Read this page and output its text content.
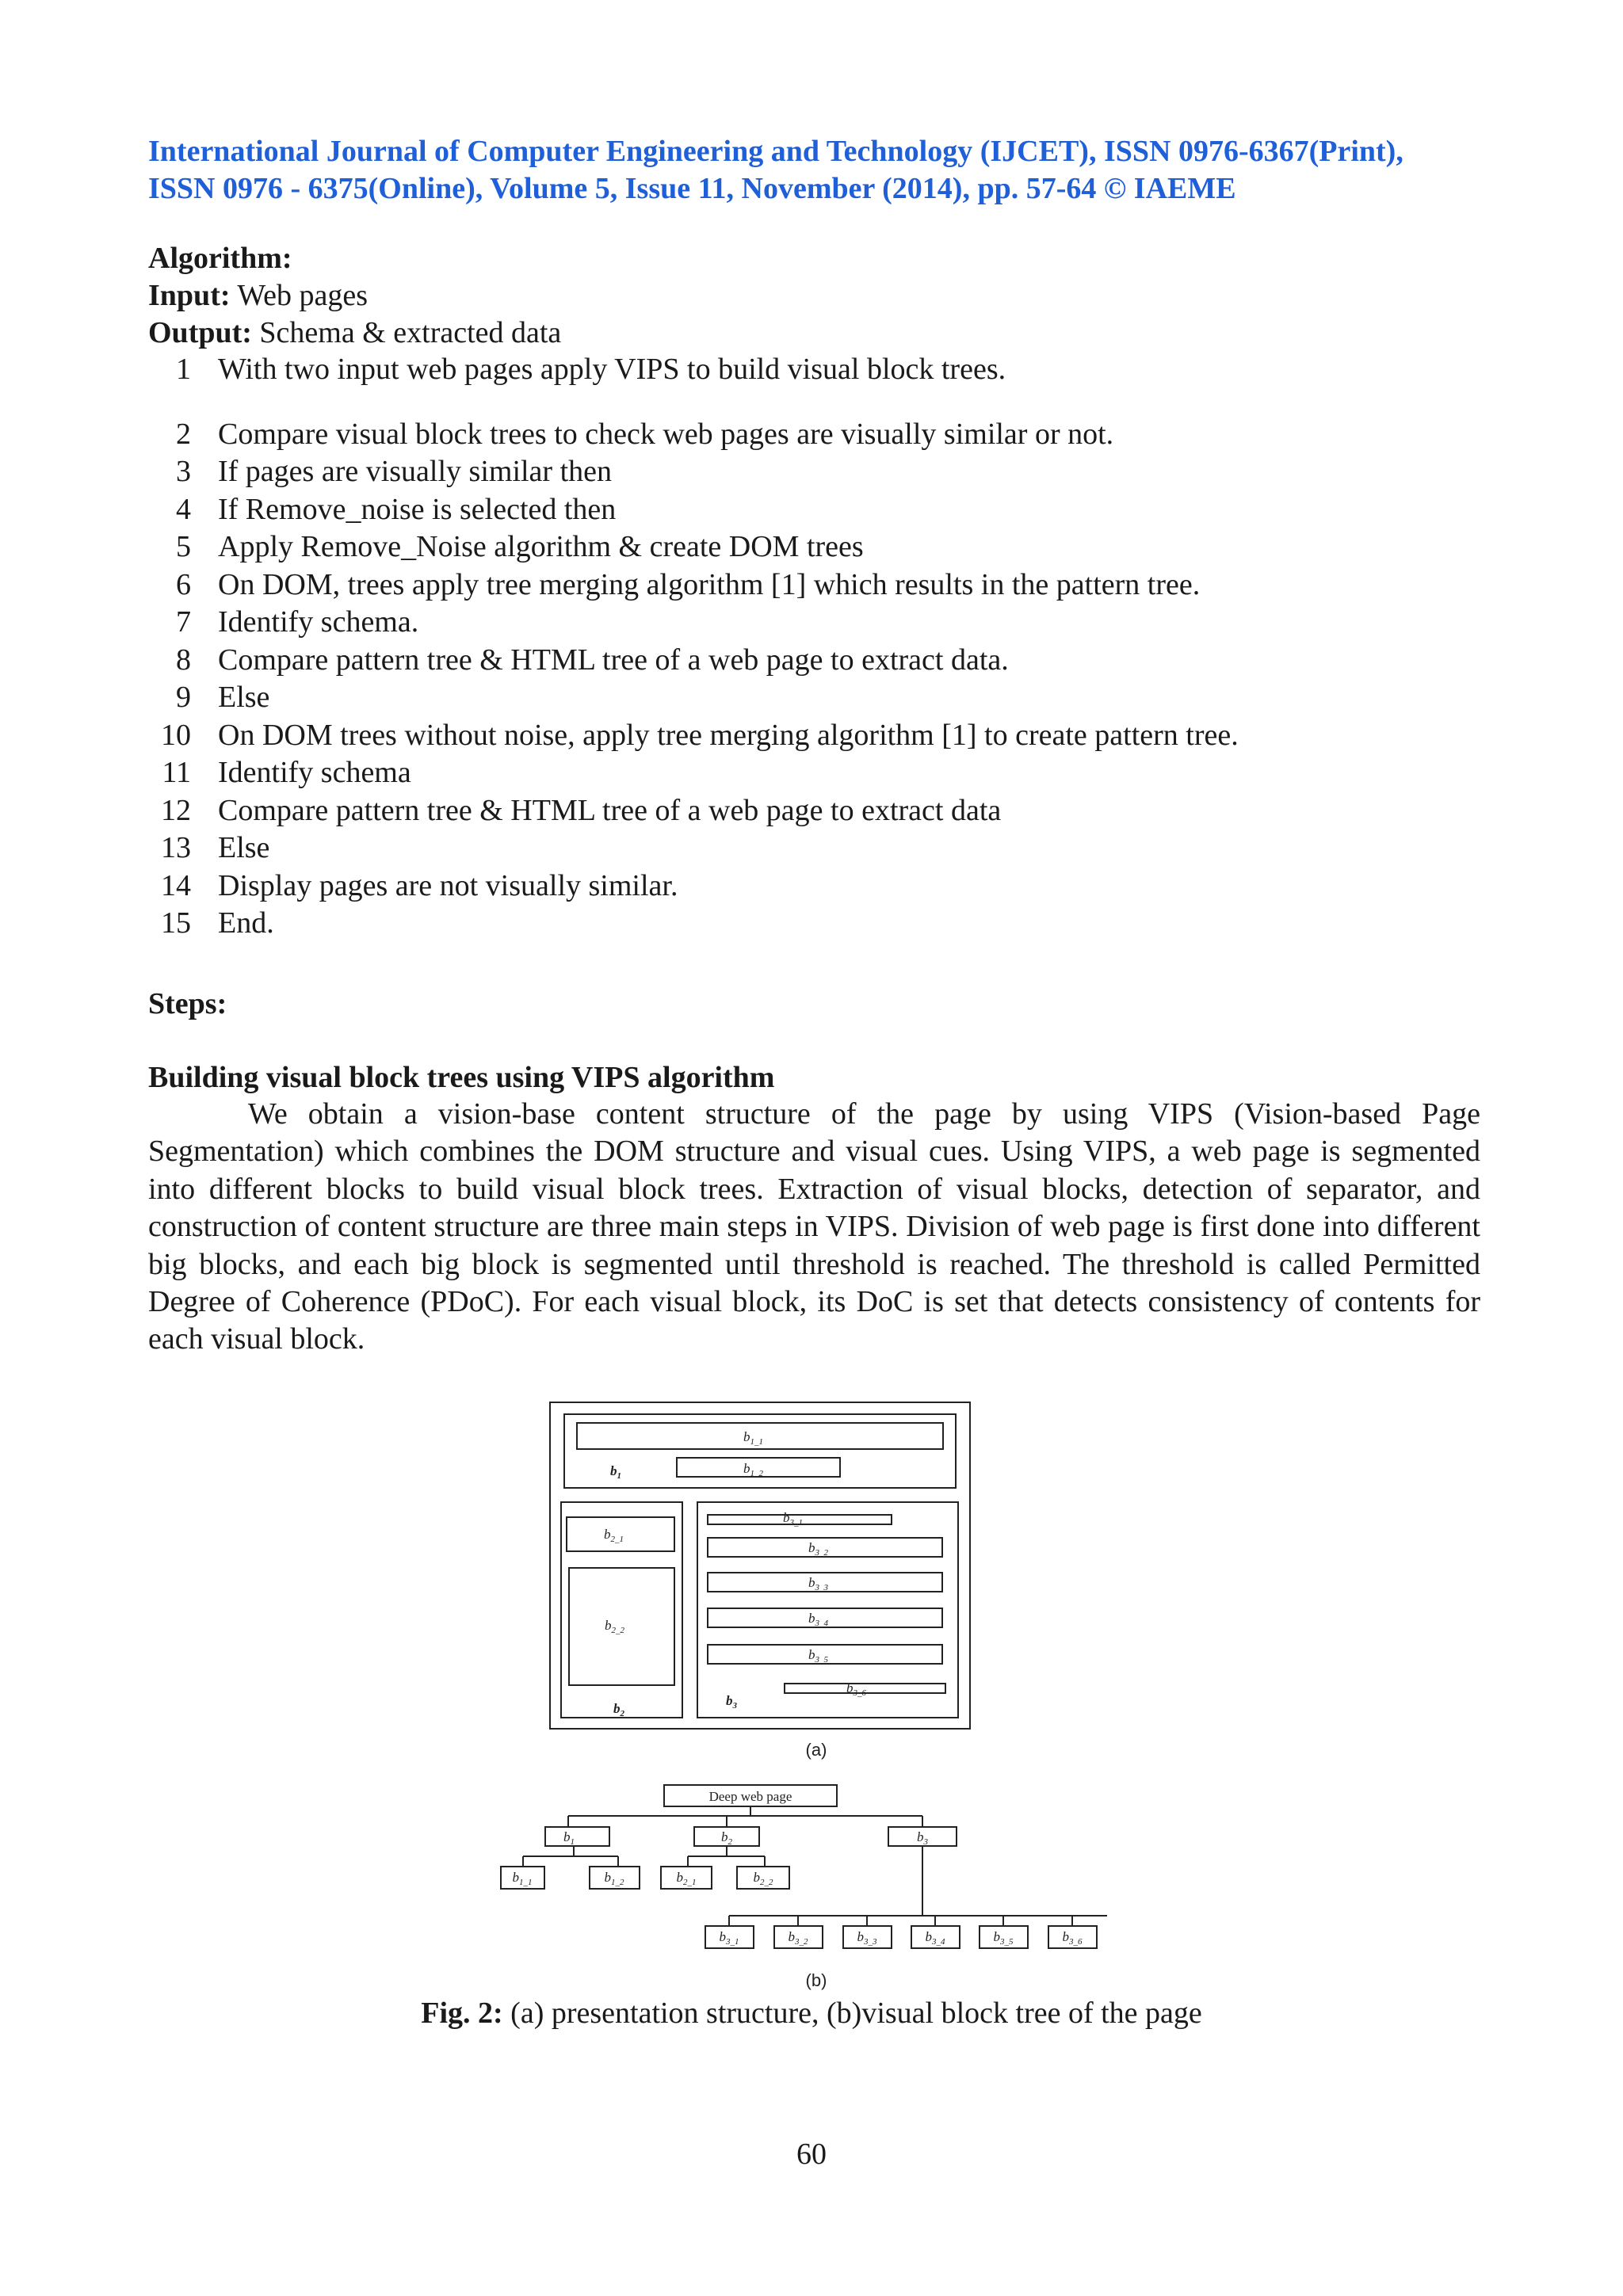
International Journal of Computer Engineering and Technology (IJCET), ISSN 0976-6367(Print),
ISSN 0976 - 6375(Online), Volume 5, Issue 11, November (2014), pp. 57-64 © IAEME
Algorithm:
Input: Web pages
Output: Schema & extracted data
1 With two input web pages apply VIPS to build visual block trees.
2 Compare visual block trees to check web pages are visually similar or not.
3 If pages are visually similar then
4 If Remove_noise is selected then
5 Apply Remove_Noise algorithm & create DOM trees
6 On DOM, trees apply tree merging algorithm [1] which results in the pattern tree.
7 Identify schema.
8 Compare pattern tree & HTML tree of a web page to extract data.
9 Else
10 On DOM trees without noise, apply tree merging algorithm [1] to create pattern tree.
11 Identify schema
12 Compare pattern tree & HTML tree of a web page to extract data
13 Else
14 Display pages are not visually similar.
15 End.
Steps:
Building visual block trees using VIPS algorithm
We obtain a vision-base content structure of the page by using VIPS (Vision-based Page Segmentation) which combines the DOM structure and visual cues. Using VIPS, a web page is segmented into different blocks to build visual block trees. Extraction of visual blocks, detection of separator, and construction of content structure are three main steps in VIPS. Division of web page is first done into different big blocks, and each big block is segmented until threshold is reached. The threshold is called Permitted Degree of Coherence (PDoC). For each visual block, its DoC is set that detects consistency of contents for each visual block.
$b_{1\_1}$
$b_{1\_2}$
$b_1$
$b_{2\_1}$
$b_{2\_2}$
$b_2$
$b_{3\_1}$
$b_{3\_2}$
$b_{3\_3}$
$b_{3\_4}$
$b_{3\_5}$
$b_{3\_6}$
$b_3$
(a)
Deep web page
$b_1$	$b_2$	$b_3$
$b_{1\_1}$	$b_{1\_2}$	$b_{2\_1}$	$b_{2\_2}$
$b_{3\_1}$	$b_{3\_2}$	$b_{3\_3}$	$b_{3\_4}$	$b_{3\_5}$	$b_{3\_6}$
(b)
Fig. 2: (a) presentation structure, (b)visual block tree of the page
60
